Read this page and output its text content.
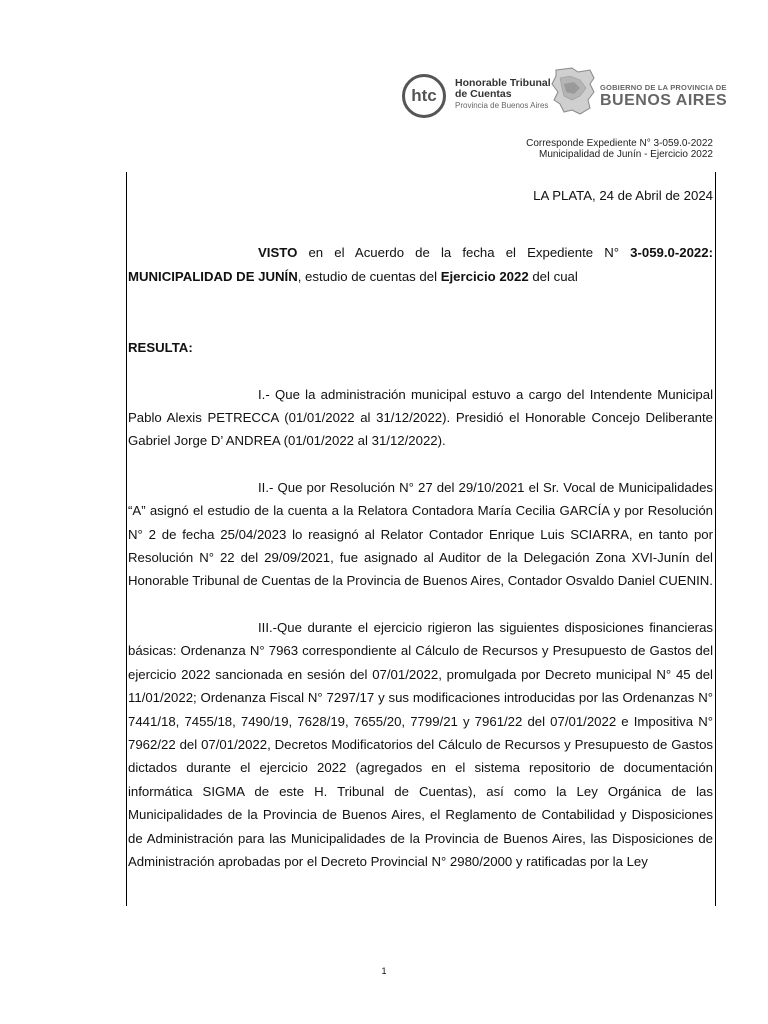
htc
Honorable Tribunal
de Cuentas
Provincia de Buenos Aires
GOBIERNO DE LA PROVINCIA DE
BUENOS AIRES
Corresponde Expediente N° 3-059.0-2022
Municipalidad de Junín - Ejercicio 2022

LA PLATA, 24 de Abril de 2024

VISTO en el Acuerdo de la fecha el Expediente N° 3-059.0-2022: MUNICIPALIDAD DE JUNÍN, estudio de cuentas del Ejercicio 2022 del cual

RESULTA:

I.- Que la administración municipal estuvo a cargo del Intendente Municipal Pablo Alexis PETRECCA (01/01/2022 al 31/12/2022). Presidió el Honorable Concejo Deliberante Gabriel Jorge D’ ANDREA (01/01/2022 al 31/12/2022).

II.- Que por Resolución N° 27 del 29/10/2021 el Sr. Vocal de Municipalidades “A” asignó el estudio de la cuenta a la Relatora Contadora María Cecilia GARCÍA y por Resolución N° 2 de fecha 25/04/2023 lo reasignó al Relator Contador Enrique Luis SCIARRA, en tanto por Resolución N° 22 del 29/09/2021, fue asignado al Auditor de la Delegación Zona XVI-Junín del Honorable Tribunal de Cuentas de la Provincia de Buenos Aires, Contador Osvaldo Daniel CUENIN.

III.-Que durante el ejercicio rigieron las siguientes disposiciones financieras básicas: Ordenanza N° 7963 correspondiente al Cálculo de Recursos y Presupuesto de Gastos del ejercicio 2022 sancionada en sesión del 07/01/2022, promulgada por Decreto municipal N° 45 del 11/01/2022; Ordenanza Fiscal N° 7297/17 y sus modificaciones introducidas por las Ordenanzas N° 7441/18, 7455/18, 7490/19, 7628/19, 7655/20, 7799/21 y 7961/22 del 07/01/2022 e Impositiva N° 7962/22 del 07/01/2022, Decretos Modificatorios del Cálculo de Recursos y Presupuesto de Gastos dictados durante el ejercicio 2022 (agregados en el sistema repositorio de documentación informática SIGMA de este H. Tribunal de Cuentas), así como la Ley Orgánica de las Municipalidades de la Provincia de Buenos Aires, el Reglamento de Contabilidad y Disposiciones de Administración para las Municipalidades de la Provincia de Buenos Aires, las Disposiciones de Administración aprobadas por el Decreto Provincial N° 2980/2000 y ratificadas por la Ley

1
